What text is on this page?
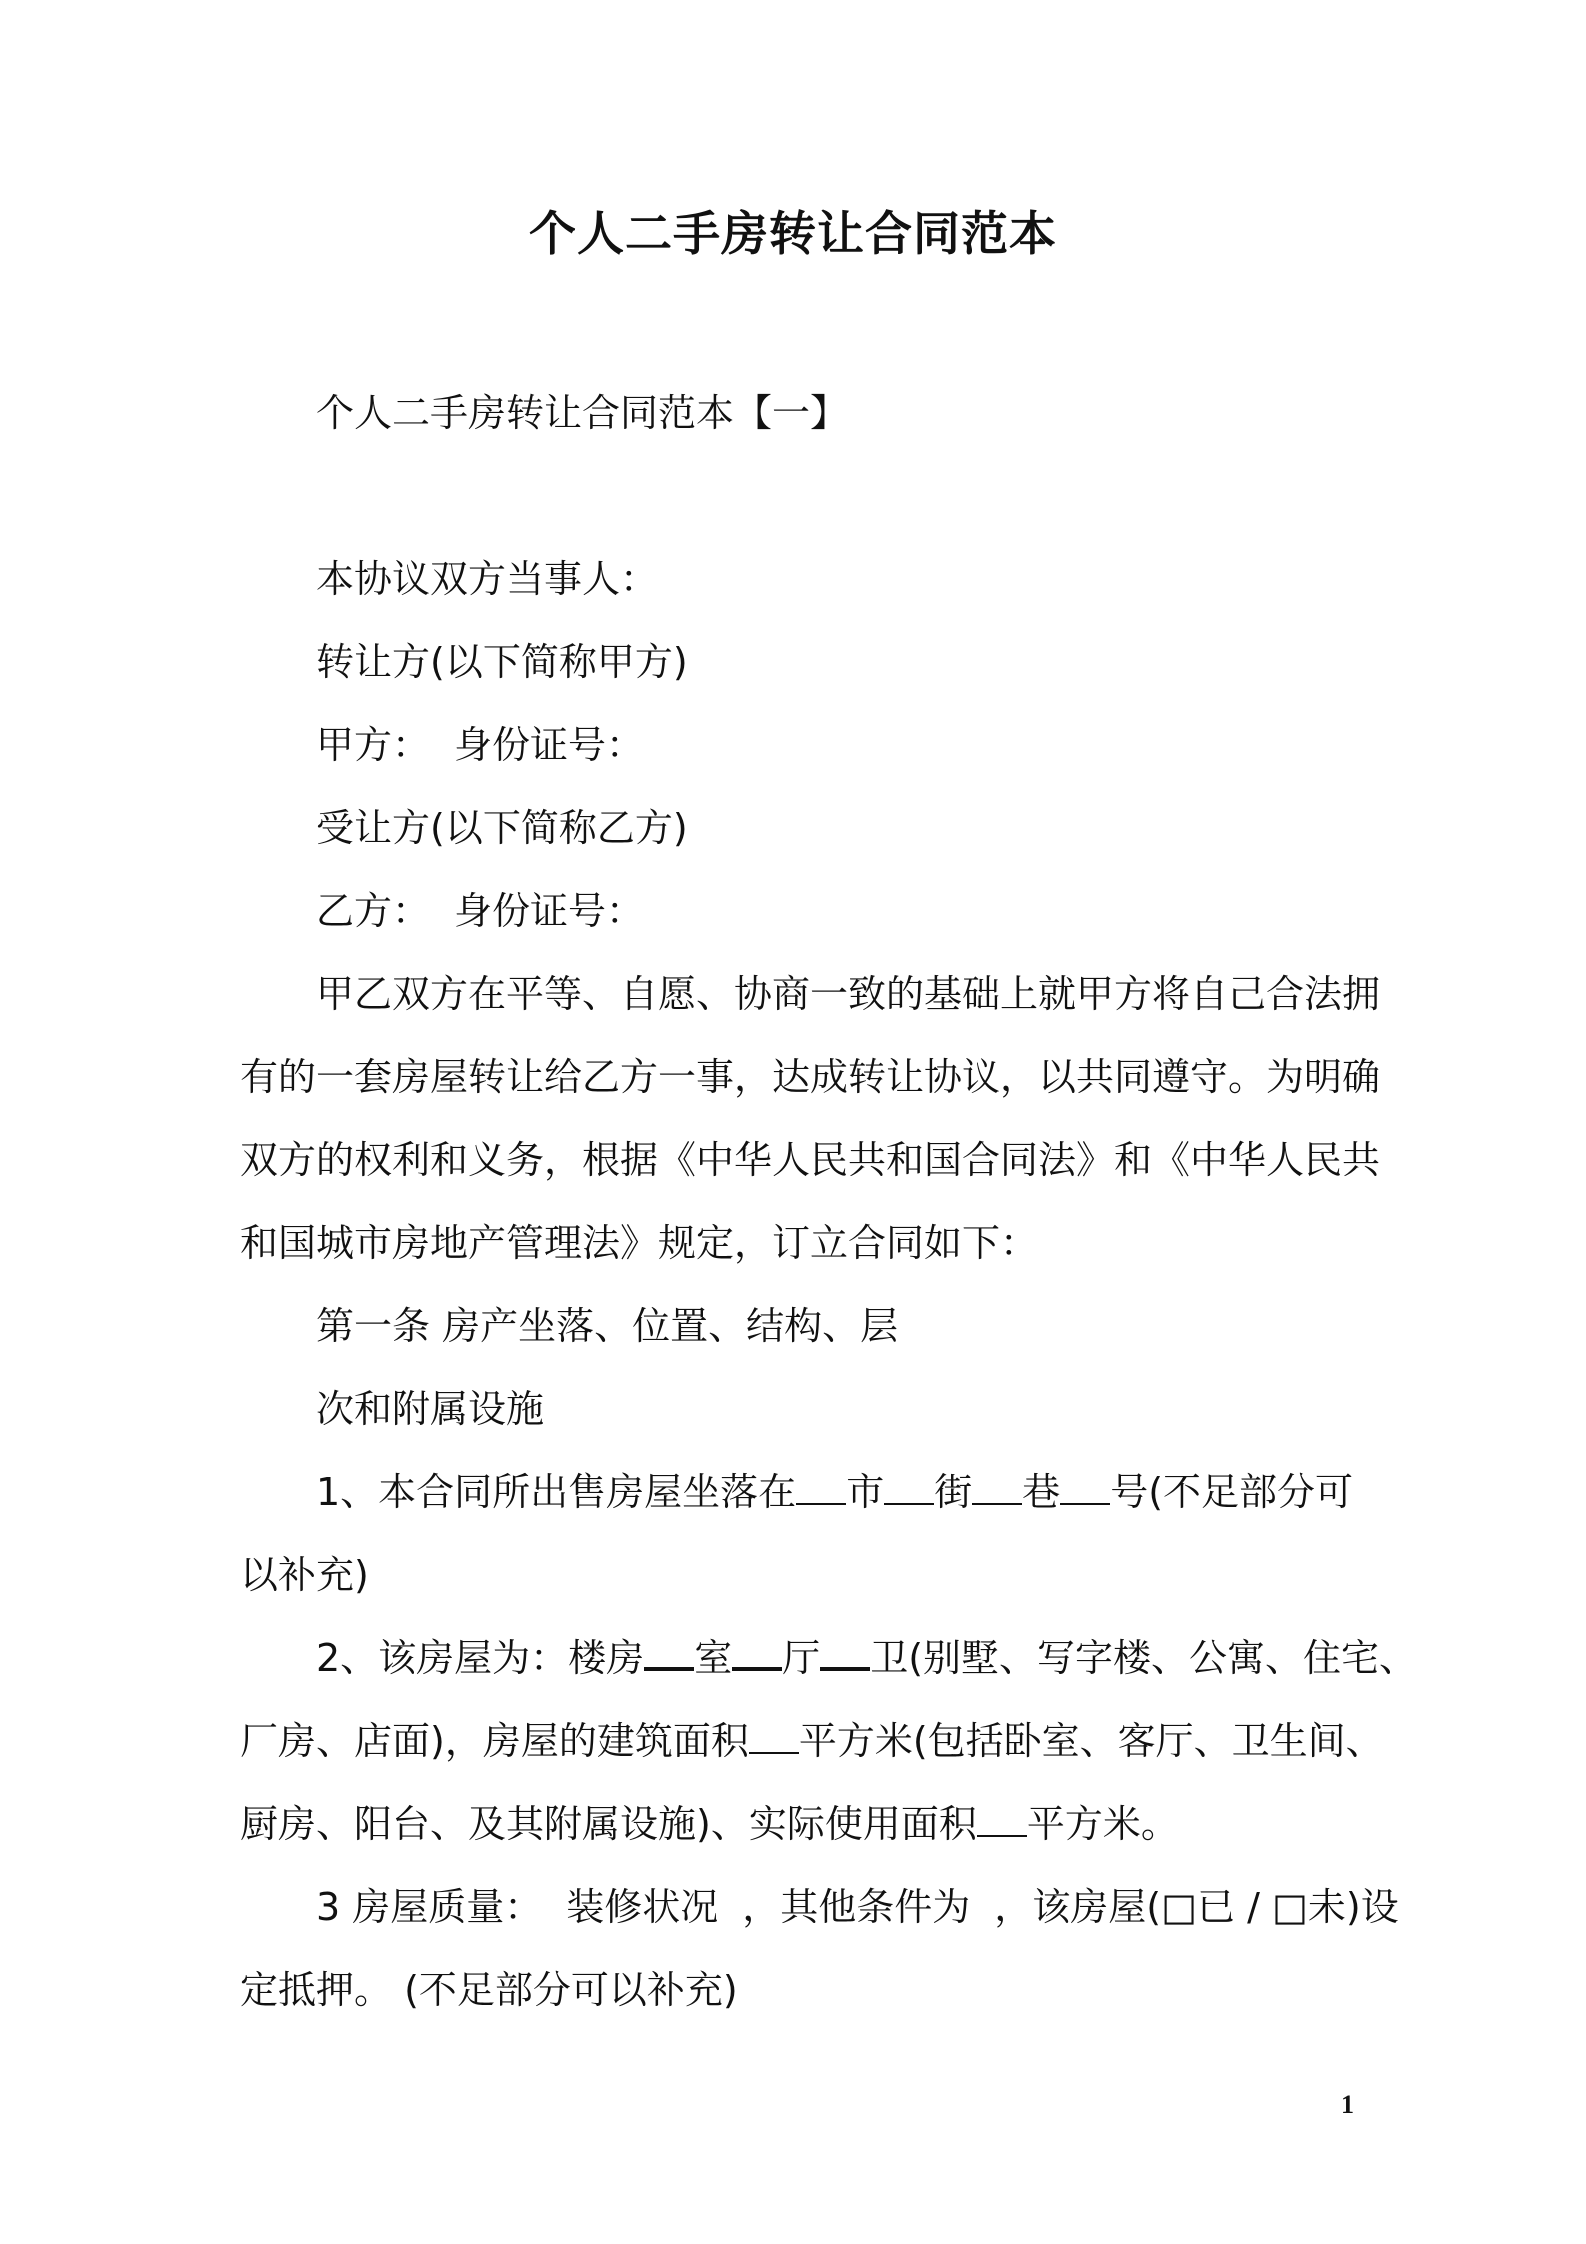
个人二手房转让合同范本

个人二手房转让合同范本【一】

本协议双方当事人：

转让方(以下简称甲方)

甲方： 身份证号：

受让方(以下简称乙方)

乙方： 身份证号：

甲乙双方在平等、自愿、协商一致的基础上就甲方将自己合法拥

有的一套房屋转让给乙方一事，达成转让协议，以共同遵守。为明确

双方的权利和义务，根据《中华人民共和国合同法》和《中华人民共

和国城市房地产管理法》规定，订立合同如下：

第一条 房产坐落、位置、结构、层

次和附属设施

1、本合同所出售房屋坐落在 市 街 巷 号(不足部分可

以补充)

2、该房屋为：楼房 室 厅 卫(别墅、写字楼、公寓、住宅、

厂房、店面)，房屋的建筑面积 平方米(包括卧室、客厅、卫生间、

厨房、阳台、及其附属设施)、实际使用面积 平方米。

3 房屋质量： 装修状况 ，其他条件为 ，该房屋(□已 / □未)设

定抵押。 (不足部分可以补充)

1
